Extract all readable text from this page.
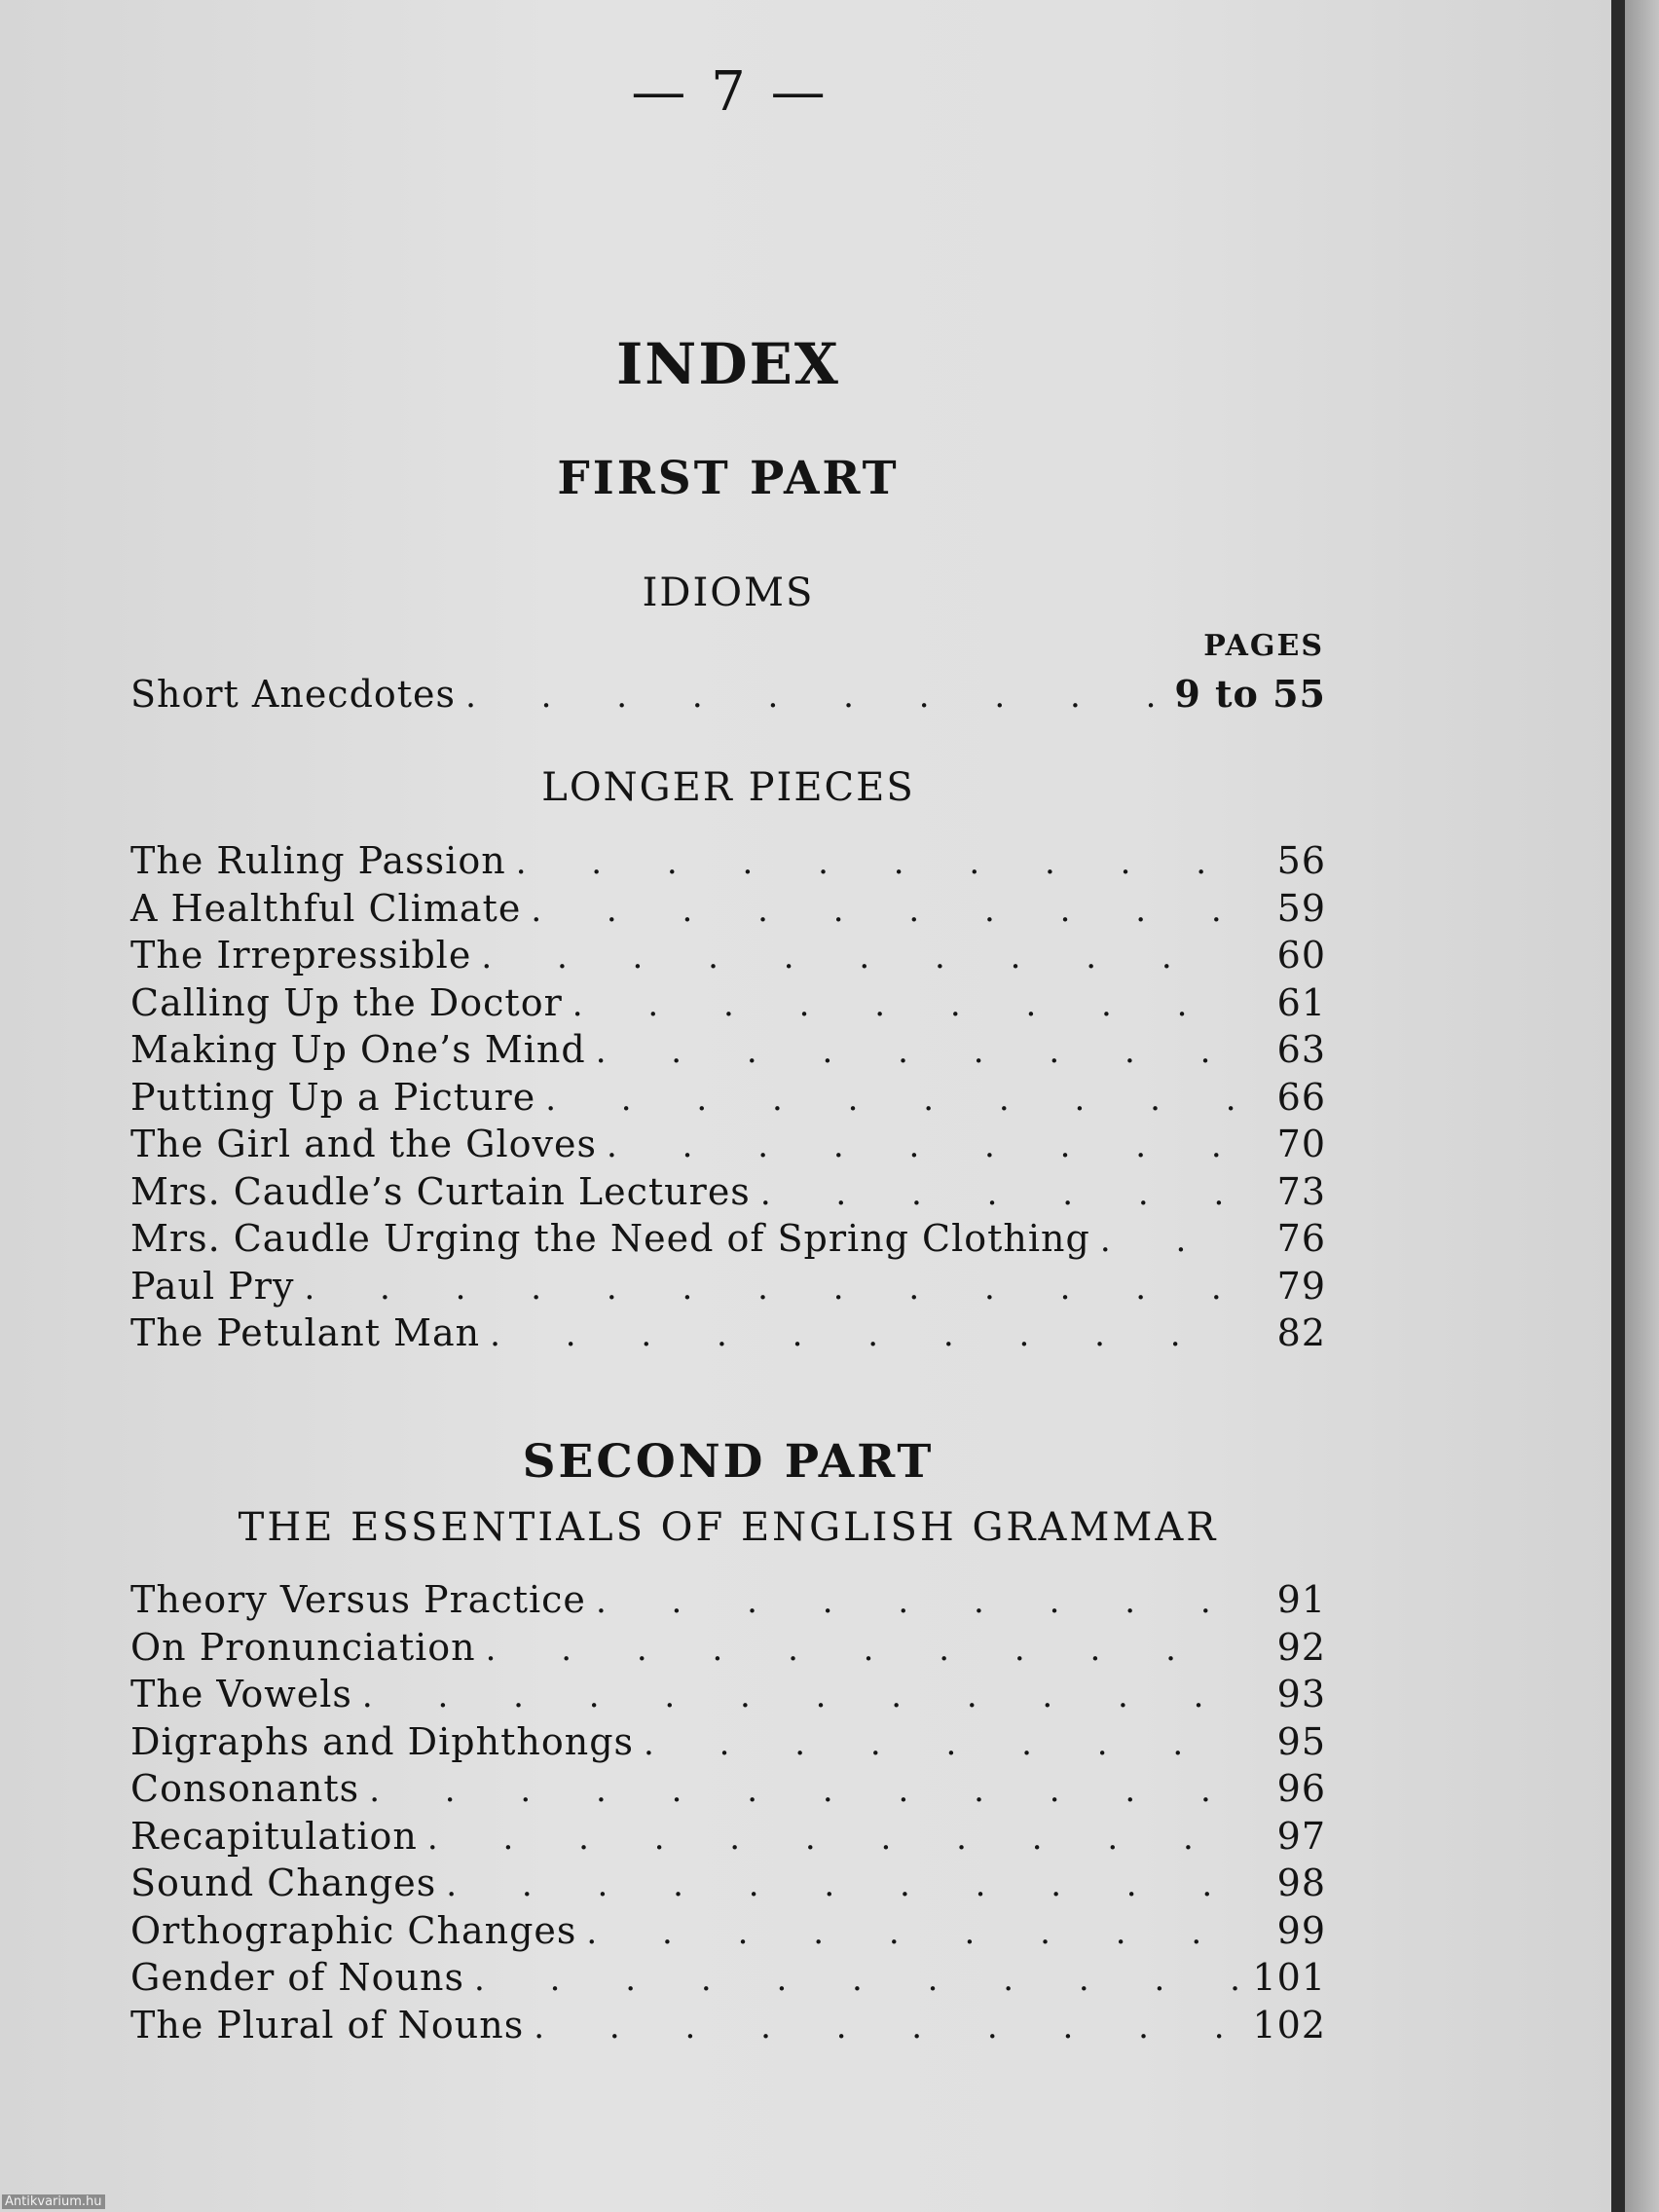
— 7 —
INDEX
FIRST PART
IDIOMS
PAGES
Short Anecdotes . . .	9 to 55
LONGER PIECES
The Ruling Passion . . .	56
A Healthful Climate . . .	59
The Irrepressible . . .	60
Calling Up the Doctor . . .	61
Making Up One’s Mind . . .	63
Putting Up a Picture . . .	66
The Girl and the Gloves . . .	70
Mrs. Caudle’s Curtain Lectures . . .	73
Mrs. Caudle Urging the Need of Spring Clothing . . .	76
Paul Pry . . .	79
The Petulant Man . . .	82
SECOND PART
THE ESSENTIALS OF ENGLISH GRAMMAR
Theory Versus Practice . . .	91
On Pronunciation . . .	92
The Vowels . . .	93
Digraphs and Diphthongs . . .	95
Consonants . . .	96
Recapitulation . . .	97
Sound Changes . . .	98
Orthographic Changes . . .	99
Gender of Nouns . . .	101
The Plural of Nouns . . .	102
Antikvarium.hu
